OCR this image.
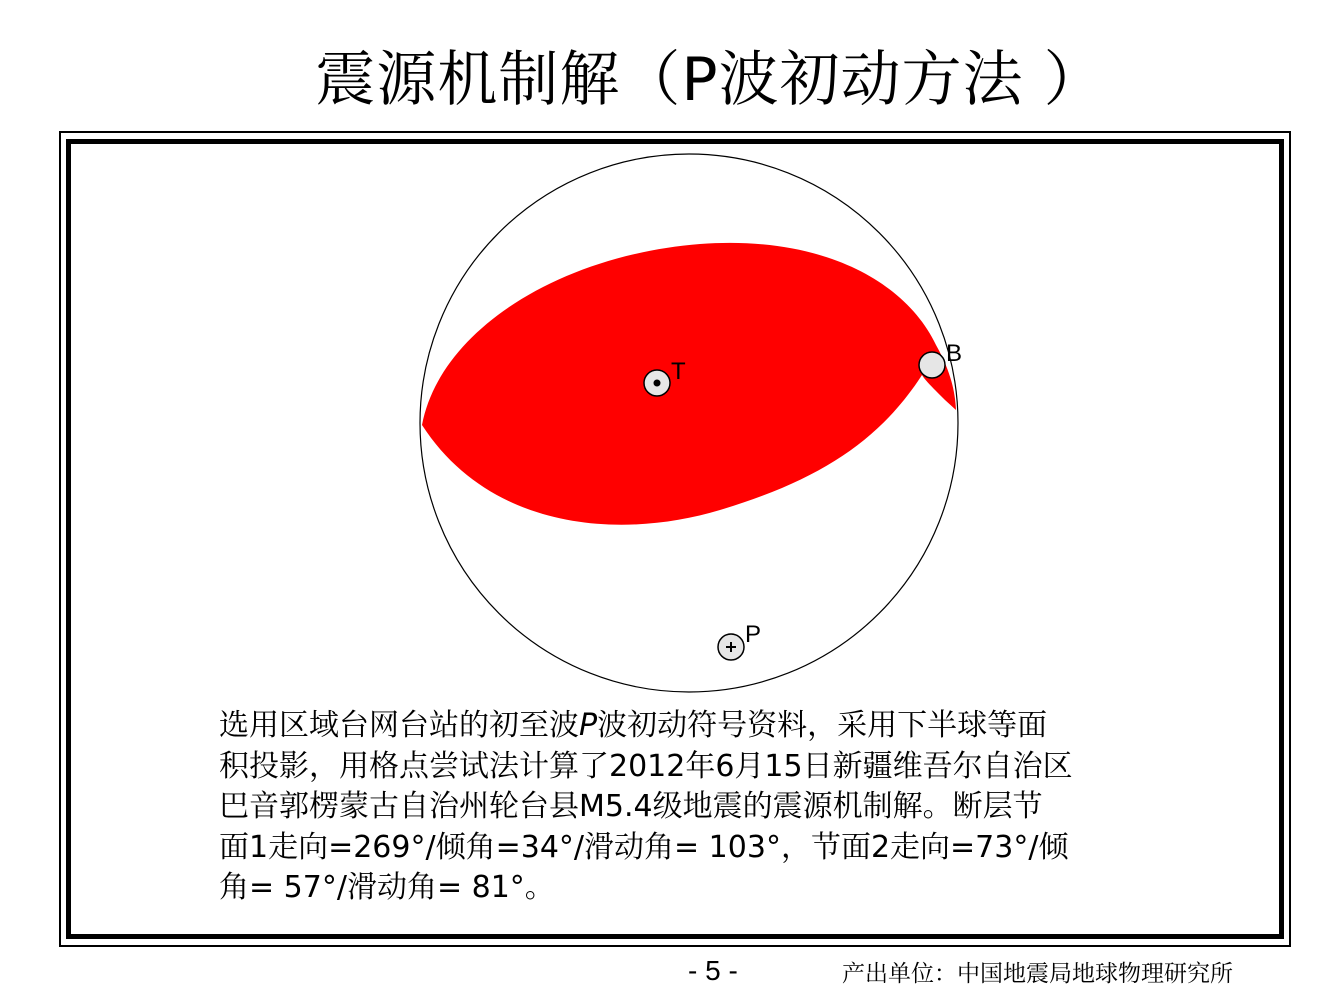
震源机制解（P波初动方法 ）
T
B
P
选用区域台网台站的初至波P波初动符号资料，采用下半球等面
积投影，用格点尝试法计算了2012年6月15日新疆维吾尔自治区
巴音郭楞蒙古自治州轮台县M5.4级地震的震源机制解。断层节
面1走向=269°/倾角=34°/滑动角= 103°，节面2走向=73°/倾
角= 57°/滑动角= 81°。
- 5 -	产出单位：中国地震局地球物理研究所
